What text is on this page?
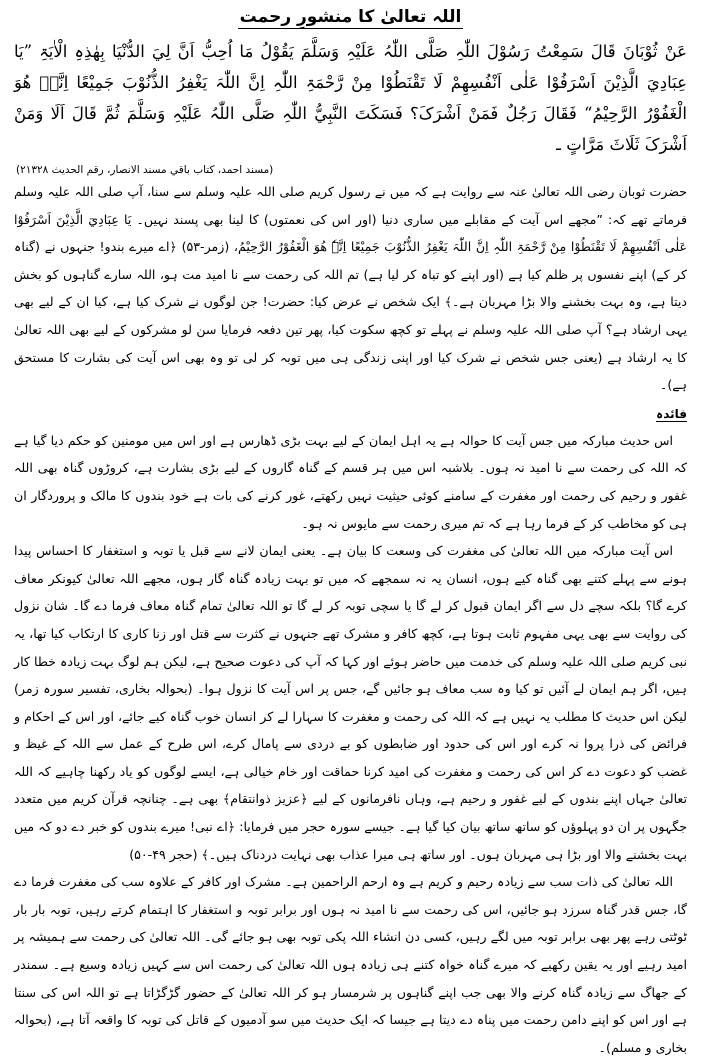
اللہ تعالیٰ کا منشورِ رحمت
عَنْ ثُوْبَانَ قَالَ سَمِعْتُ رَسُوْلَ اللّٰہِ صَلَّی اللّٰہُ عَلَیْہِ وَسَلَّمَ یَقُوْلُ مَا اُحِبُّ اَنَّ لِيَ الدُّنْیَا بِھٰذِہِ الْاٰیَۃِ ”یَا عِبَادِيَ الَّذِیْنَ اَسْرَفُوْا عَلٰی اَنْفُسِھِمْ لَا تَقْنَطُوْا مِنْ رَّحْمَۃِ اللّٰہِ اِنَّ اللّٰہَ یَغْفِرُ الذُّنُوْبَ جَمِیْعًا اِنَّہٗ ھُوَ الْغَفُوْرُ الرَّحِیْمُ“ فَقَالَ رَجُلٌ فَمَنْ اَشْرَکَ؟ فَسَکَتَ النَّبِيُّ اللّٰہِ صَلَّی اللّٰہُ عَلَیْہِ وَسَلَّمَ ثُمَّ قَالَ اَلَا وَمَنْ اَشْرَکَ ثَلَاثَ مَرَّاتٍ ـ
(مسند احمد، کتاب باقي مسند الانصار، رقم الحدیث ۲۱۳۲۸)

حضرت ثوبان رضی اللہ تعالیٰ عنہ سے روایت ہے کہ میں نے رسول کریم صلی اللہ علیہ وسلم سے سنا، آپ صلی اللہ علیہ وسلم فرماتے تھے کہ: ”مجھے اس آیت کے مقابلے میں ساری دنیا (اور اس کی نعمتوں) کا لینا بھی پسند نہیں۔ یَا عِبَادِيَ الَّذِیْنَ اَسْرَفُوْا عَلٰی اَنْفُسِھِمْ لَا تَقْنَطُوْا مِنْ رَّحْمَۃِ اللّٰہِ اِنَّ اللّٰہَ یَغْفِرُ الذُّنُوْبَ جَمِیْعًا اِنَّہٗ ھُوَ الْغَفُوْرُ الرَّحِیْمُ، (زمر-۵۳) ﴿اے میرے بندو! جنہوں نے (گناہ کر کے) اپنے نفسوں پر ظلم کیا ہے (اور اپنے کو تباہ کر لیا ہے) تم اللہ کی رحمت سے نا امید مت ہو، اللہ سارے گناہوں کو بخش دیتا ہے، وہ بہت بخشنے والا بڑا مہربان ہے۔﴾ ایک شخص نے عرض کیا: حضرت! جن لوگوں نے شرک کیا ہے، کیا ان کے لیے بھی یہی ارشاد ہے؟ آپ صلی اللہ علیہ وسلم نے پہلے تو کچھ سکوت کیا، پھر تین دفعہ فرمایا سن لو مشرکوں کے لیے بھی اللہ تعالیٰ کا یہ ارشاد ہے (یعنی جس شخص نے شرک کیا اور اپنی زندگی ہی میں توبہ کر لی تو وہ بھی اس آیت کی بشارت کا مستحق ہے)۔

فائدہ

اس حدیث مبارکہ میں جس آیت کا حوالہ ہے یہ اہل ایمان کے لیے بہت بڑی ڈھارس ہے اور اس میں مومنین کو حکم دیا گیا ہے کہ اللہ کی رحمت سے نا امید نہ ہوں۔ بلاشبہ اس میں ہر قسم کے گناہ گاروں کے لیے بڑی بشارت ہے، کروڑوں گناہ بھی اللہ غفور و رحیم کی رحمت اور مغفرت کے سامنے کوئی حیثیت نہیں رکھتے، غور کرنے کی بات ہے خود بندوں کا مالک و پروردگار ان ہی کو مخاطب کر کے فرما رہا ہے کہ تم میری رحمت سے مایوس نہ ہو۔

اس آیت مبارکہ میں اللہ تعالیٰ کی مغفرت کی وسعت کا بیان ہے۔ یعنی ایمان لانے سے قبل یا توبہ و استغفار کا احساس پیدا ہونے سے پہلے کتنے بھی گناہ کیے ہوں، انسان یہ نہ سمجھے کہ میں تو بہت زیادہ گناہ گار ہوں، مجھے اللہ تعالیٰ کیونکر معاف کرے گا؟ بلکہ سچے دل سے اگر ایمان قبول کر لے گا یا سچی توبہ کر لے گا تو اللہ تعالیٰ تمام گناہ معاف فرما دے گا۔ شان نزول کی روایت سے بھی یہی مفہوم ثابت ہوتا ہے، کچھ کافر و مشرک تھے جنہوں نے کثرت سے قتل اور زنا کاری کا ارتکاب کیا تھا، یہ نبی کریم صلی اللہ علیہ وسلم کی خدمت میں حاضر ہوئے اور کہا کہ آپ کی دعوت صحیح ہے، لیکن ہم لوگ بہت زیادہ خطا کار ہیں، اگر ہم ایمان لے آئیں تو کیا وہ سب معاف ہو جائیں گے، جس پر اس آیت کا نزول ہوا۔ (بحوالہ بخاری، تفسیر سورہ زمر) لیکن اس حدیث کا مطلب یہ نہیں ہے کہ اللہ کی رحمت و مغفرت کا سہارا لے کر انسان خوب گناہ کیے جائے، اور اس کے احکام و فرائض کی ذرا پروا نہ کرے اور اس کی حدود اور ضابطوں کو بے دردی سے پامال کرے، اس طرح کے عمل سے اللہ کے غیظ و غضب کو دعوت دے کر اس کی رحمت و مغفرت کی امید کرنا حماقت اور خام خیالی ہے، ایسے لوگوں کو یاد رکھنا چاہیے کہ اللہ تعالیٰ جہاں اپنے بندوں کے لیے غفور و رحیم ہے، وہاں نافرمانوں کے لیے ﴿عزیز ذوانتقام﴾ بھی ہے۔ چنانچہ قرآن کریم میں متعدد جگہوں پر ان دو پہلوؤں کو ساتھ ساتھ بیان کیا گیا ہے۔ جیسے سورہ حجر میں فرمایا: ﴿اے نبی! میرے بندوں کو خبر دے دو کہ میں بہت بخشنے والا اور بڑا ہی مہربان ہوں۔ اور ساتھ ہی میرا عذاب بھی نہایت دردناک ہیں۔﴾ (حجر ۴۹-۵۰)

اللہ تعالیٰ کی ذات سب سے زیادہ رحیم و کریم ہے وہ ارحم الراحمین ہے۔ مشرک اور کافر کے علاوہ سب کی مغفرت فرما دے گا، جس قدر گناہ سرزد ہو جائیں، اس کی رحمت سے نا امید نہ ہوں اور برابر توبہ و استغفار کا اہتمام کرتے رہیں، توبہ بار بار ٹوٹتی رہے پھر بھی برابر توبہ میں لگے رہیں، کسی دن انشاء اللہ پکی توبہ بھی ہو جائے گی۔ اللہ تعالیٰ کی رحمت سے ہمیشہ پر امید رہیے اور یہ یقین رکھیے کہ میرے گناہ خواہ کتنے ہی زیادہ ہوں اللہ تعالیٰ کی رحمت اس سے کہیں زیادہ وسیع ہے۔ سمندر کے جھاگ سے زیادہ گناہ کرنے والا بھی جب اپنے گناہوں پر شرمسار ہو کر اللہ تعالیٰ کے حضور گڑگڑاتا ہے تو اللہ اس کی سنتا ہے اور اس کو اپنے دامن رحمت میں پناہ دے دیتا ہے جیسا کہ ایک حدیث میں سو آدمیوں کے قاتل کی توبہ کا واقعہ آتا ہے، (بحوالہ بخاری و مسلم)۔
